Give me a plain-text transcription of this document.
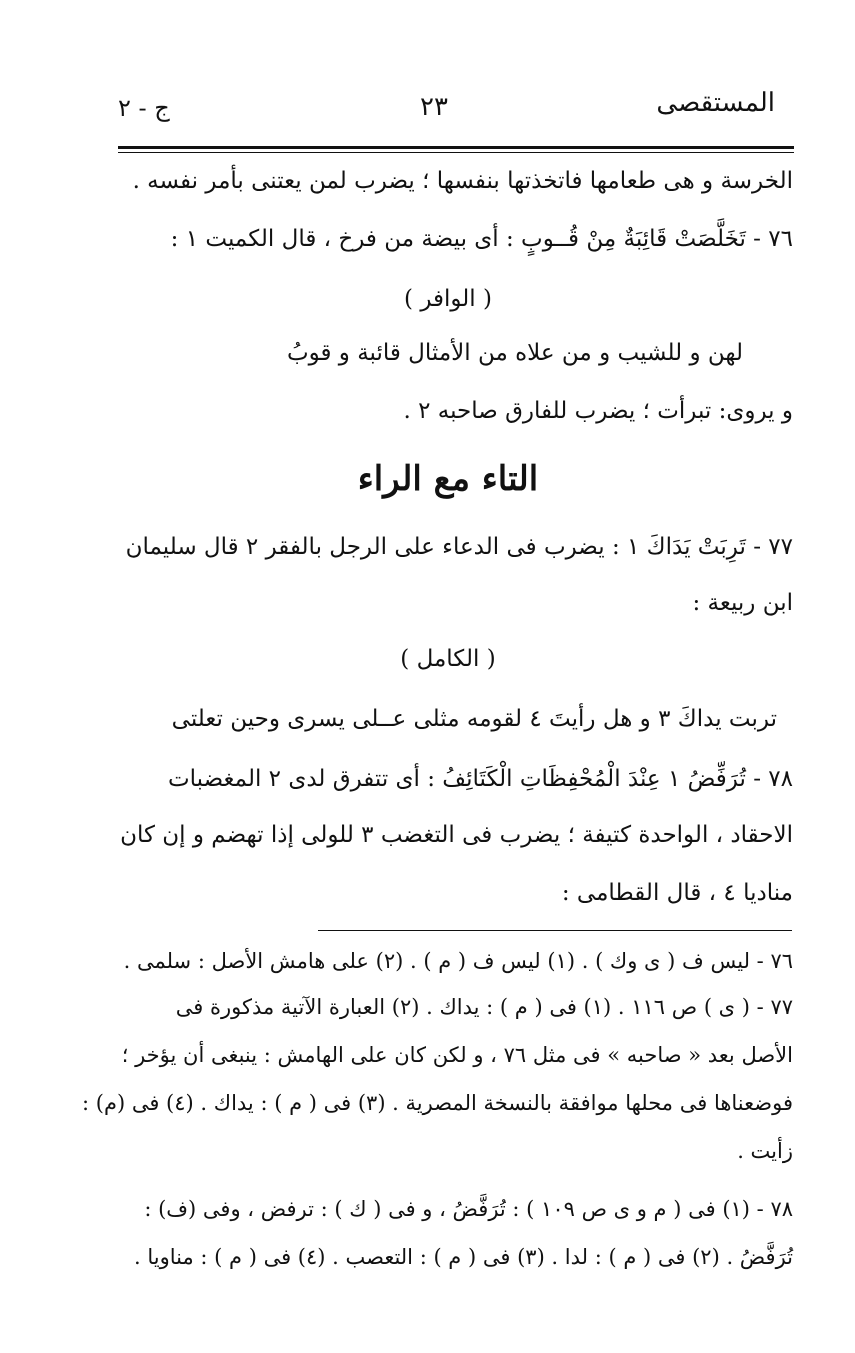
المستقصى
٢٣
ج - ٢
الخرسة و هى طعامها فاتخذتها بنفسها ؛ يضرب لمن يعتنى بأمر نفسه .
٧٦ - تَخَلَّصَتْ قَائِبَةٌ مِنْ قُــوبٍ : أى بيضة من فرخ ، قال الكميت ١ :
( الوافر )
لهن و للشيب و من علاه من الأمثال قائبة و قوبُ
و يروى: تبرأت ؛ يضرب للفارق صاحبه ٢ .
التاء مع الراء
٧٧ - تَرِبَتْ يَدَاكَ ١ : يضرب فى الدعاء على الرجل بالفقر ٢ قال سليمان
ابن ربيعة :
( الكامل )
تربت يداكَ ٣ و هل رأيتَ ٤ لقومه مثلى عــلى يسرى وحين تعلتى
٧٨ - تُرَفِّضُ ١ عِنْدَ الْمُحْفِظَاتِ الْكَتَائِفُ : أى تتفرق لدى ٢ المغضبات
الاحقاد ، الواحدة كتيفة ؛ يضرب فى التغضب ٣ للولى إذا تهضم و إن كان
مناديا ٤ ، قال القطامى :
٧٦ - ليس ف ( ى وك ) . (١) ليس ف ( م ) . (٢) على هامش الأصل : سلمى .
٧٧ - ( ى ) ص ١١٦ . (١) فى ( م ) : يداك . (٢) العبارة الآتية مذكورة فى
الأصل بعد « صاحبه » فى مثل ٧٦ ، و لكن كان على الهامش : ينبغى أن يؤخر ؛
فوضعناها فى محلها موافقة بالنسخة المصرية . (٣) فى ( م ) : يداك . (٤) فى (م) :
زأيت .
٧٨ - (١) فى ( م و ى ص ١٠٩ ) : تُرَفَّضُ ، و فى ( ك ) : ترفض ، وفى (ف) :
تُرَفَّضُ . (٢) فى ( م ) : لدا . (٣) فى ( م ) : التعصب . (٤) فى ( م ) : مناويا .
